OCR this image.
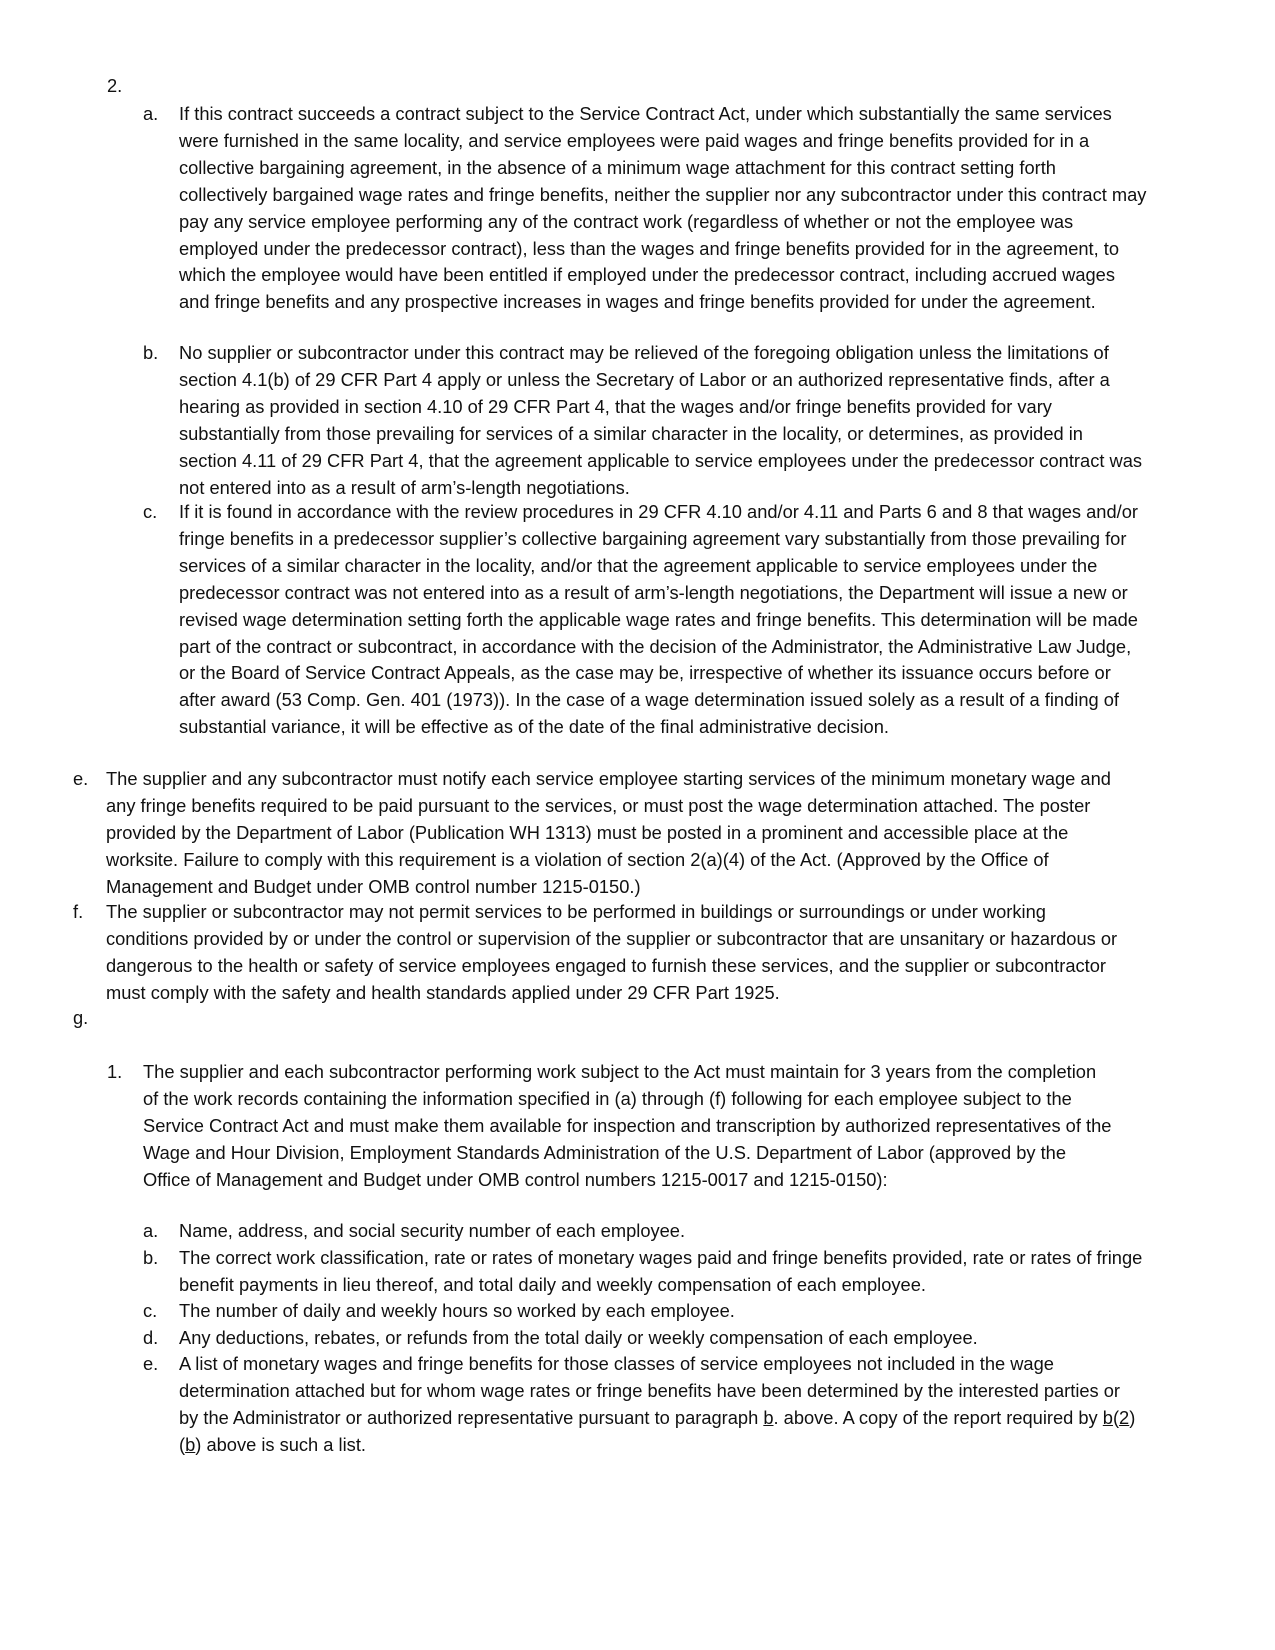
2.
a. If this contract succeeds a contract subject to the Service Contract Act, under which substantially the same services were furnished in the same locality, and service employees were paid wages and fringe benefits provided for in a collective bargaining agreement, in the absence of a minimum wage attachment for this contract setting forth collectively bargained wage rates and fringe benefits, neither the supplier nor any subcontractor under this contract may pay any service employee performing any of the contract work (regardless of whether or not the employee was employed under the predecessor contract), less than the wages and fringe benefits provided for in the agreement, to which the employee would have been entitled if employed under the predecessor contract, including accrued wages and fringe benefits and any prospective increases in wages and fringe benefits provided for under the agreement.
b. No supplier or subcontractor under this contract may be relieved of the foregoing obligation unless the limitations of section 4.1(b) of 29 CFR Part 4 apply or unless the Secretary of Labor or an authorized representative finds, after a hearing as provided in section 4.10 of 29 CFR Part 4, that the wages and/or fringe benefits provided for vary substantially from those prevailing for services of a similar character in the locality, or determines, as provided in section 4.11 of 29 CFR Part 4, that the agreement applicable to service employees under the predecessor contract was not entered into as a result of arm’s-length negotiations.
c. If it is found in accordance with the review procedures in 29 CFR 4.10 and/or 4.11 and Parts 6 and 8 that wages and/or fringe benefits in a predecessor supplier’s collective bargaining agreement vary substantially from those prevailing for services of a similar character in the locality, and/or that the agreement applicable to service employees under the predecessor contract was not entered into as a result of arm’s-length negotiations, the Department will issue a new or revised wage determination setting forth the applicable wage rates and fringe benefits. This determination will be made part of the contract or subcontract, in accordance with the decision of the Administrator, the Administrative Law Judge, or the Board of Service Contract Appeals, as the case may be, irrespective of whether its issuance occurs before or after award (53 Comp. Gen. 401 (1973)). In the case of a wage determination issued solely as a result of a finding of substantial variance, it will be effective as of the date of the final administrative decision.
e. The supplier and any subcontractor must notify each service employee starting services of the minimum monetary wage and any fringe benefits required to be paid pursuant to the services, or must post the wage determination attached. The poster provided by the Department of Labor (Publication WH 1313) must be posted in a prominent and accessible place at the worksite. Failure to comply with this requirement is a violation of section 2(a)(4) of the Act. (Approved by the Office of Management and Budget under OMB control number 1215-0150.)
f. The supplier or subcontractor may not permit services to be performed in buildings or surroundings or under working conditions provided by or under the control or supervision of the supplier or subcontractor that are unsanitary or hazardous or dangerous to the health or safety of service employees engaged to furnish these services, and the supplier or subcontractor must comply with the safety and health standards applied under 29 CFR Part 1925.
g.
1. The supplier and each subcontractor performing work subject to the Act must maintain for 3 years from the completion of the work records containing the information specified in (a) through (f) following for each employee subject to the Service Contract Act and must make them available for inspection and transcription by authorized representatives of the Wage and Hour Division, Employment Standards Administration of the U.S. Department of Labor (approved by the Office of Management and Budget under OMB control numbers 1215-0017 and 1215-0150):
a. Name, address, and social security number of each employee.
b. The correct work classification, rate or rates of monetary wages paid and fringe benefits provided, rate or rates of fringe benefit payments in lieu thereof, and total daily and weekly compensation of each employee.
c. The number of daily and weekly hours so worked by each employee.
d. Any deductions, rebates, or refunds from the total daily or weekly compensation of each employee.
e. A list of monetary wages and fringe benefits for those classes of service employees not included in the wage determination attached but for whom wage rates or fringe benefits have been determined by the interested parties or by the Administrator or authorized representative pursuant to paragraph b. above. A copy of the report required by b(2)(b) above is such a list.
